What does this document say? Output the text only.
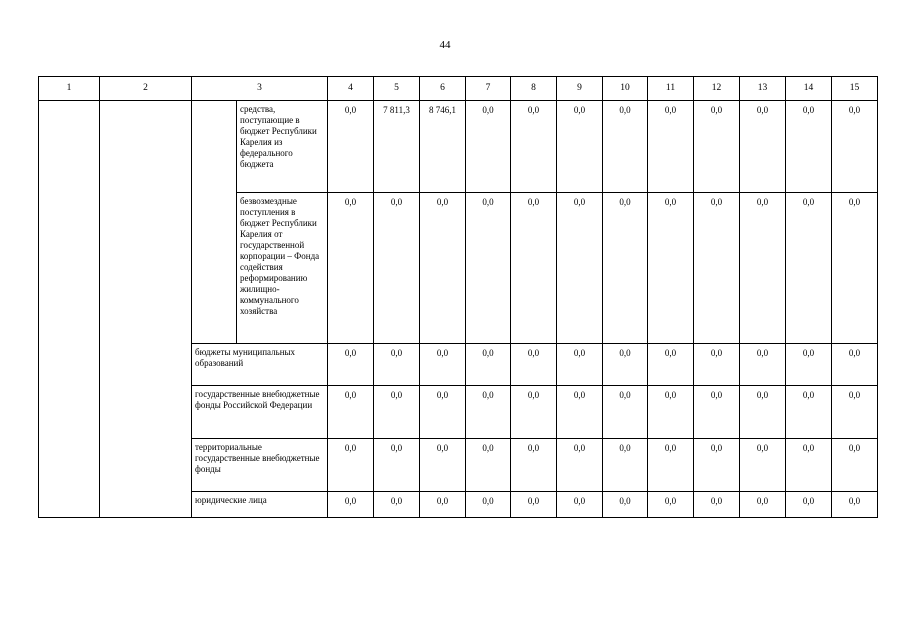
44
1	2	3		4	5	6	7	8	9	10	11	12	13	14	15
			средства, поступающие в бюджет Республики Карелия из федерального бюджета	0,0	7 811,3	8 746,1	0,0	0,0	0,0	0,0	0,0	0,0	0,0	0,0	0,0
			безвозмездные поступления в бюджет Республики Карелия от государственной корпорации – Фонда содействия реформированию жилищно-коммунального хозяйства	0,0	0,0	0,0	0,0	0,0	0,0	0,0	0,0	0,0	0,0	0,0	0,0
		бюджеты муниципальных образований		0,0	0,0	0,0	0,0	0,0	0,0	0,0	0,0	0,0	0,0	0,0	0,0
		государственные внебюджетные фонды Российской Федерации		0,0	0,0	0,0	0,0	0,0	0,0	0,0	0,0	0,0	0,0	0,0	0,0
		территориальные государственные внебюджетные фонды		0,0	0,0	0,0	0,0	0,0	0,0	0,0	0,0	0,0	0,0	0,0	0,0
		юридические лица		0,0	0,0	0,0	0,0	0,0	0,0	0,0	0,0	0,0	0,0	0,0	0,0
